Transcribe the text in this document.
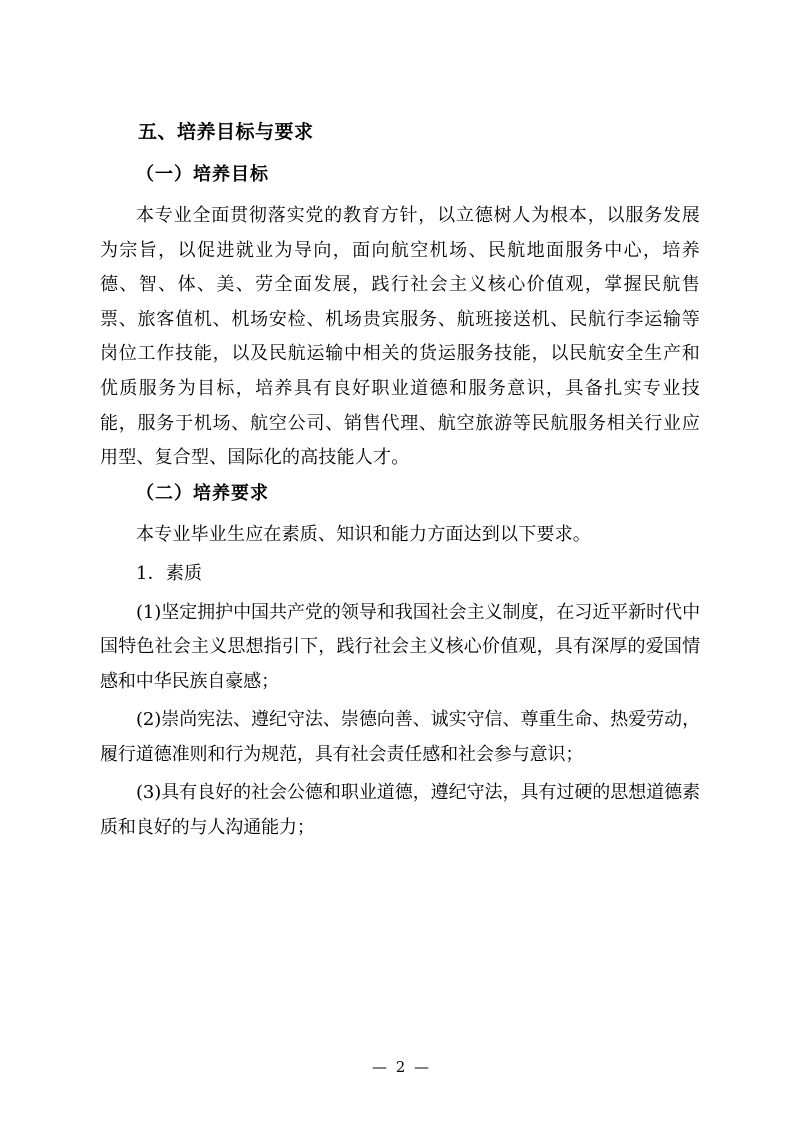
五、培养目标与要求

（一）培养目标

本专业全面贯彻落实党的教育方针，以立德树人为根本，以服务发展为宗旨，以促进就业为导向，面向航空机场、民航地面服务中心，培养德、智、体、美、劳全面发展，践行社会主义核心价值观，掌握民航售票、旅客值机、机场安检、机场贵宾服务、航班接送机、民航行李运输等岗位工作技能，以及民航运输中相关的货运服务技能，以民航安全生产和优质服务为目标，培养具有良好职业道德和服务意识，具备扎实专业技能，服务于机场、航空公司、销售代理、航空旅游等民航服务相关行业应用型、复合型、国际化的高技能人才。

（二）培养要求

本专业毕业生应在素质、知识和能力方面达到以下要求。

1．素质

(1)坚定拥护中国共产党的领导和我国社会主义制度，在习近平新时代中国特色社会主义思想指引下，践行社会主义核心价值观，具有深厚的爱国情感和中华民族自豪感；

(2)崇尚宪法、遵纪守法、崇德向善、诚实守信、尊重生命、热爱劳动，履行道德准则和行为规范，具有社会责任感和社会参与意识；

(3)具有良好的社会公德和职业道德，遵纪守法，具有过硬的思想道德素质和良好的与人沟通能力；

— 2 —
